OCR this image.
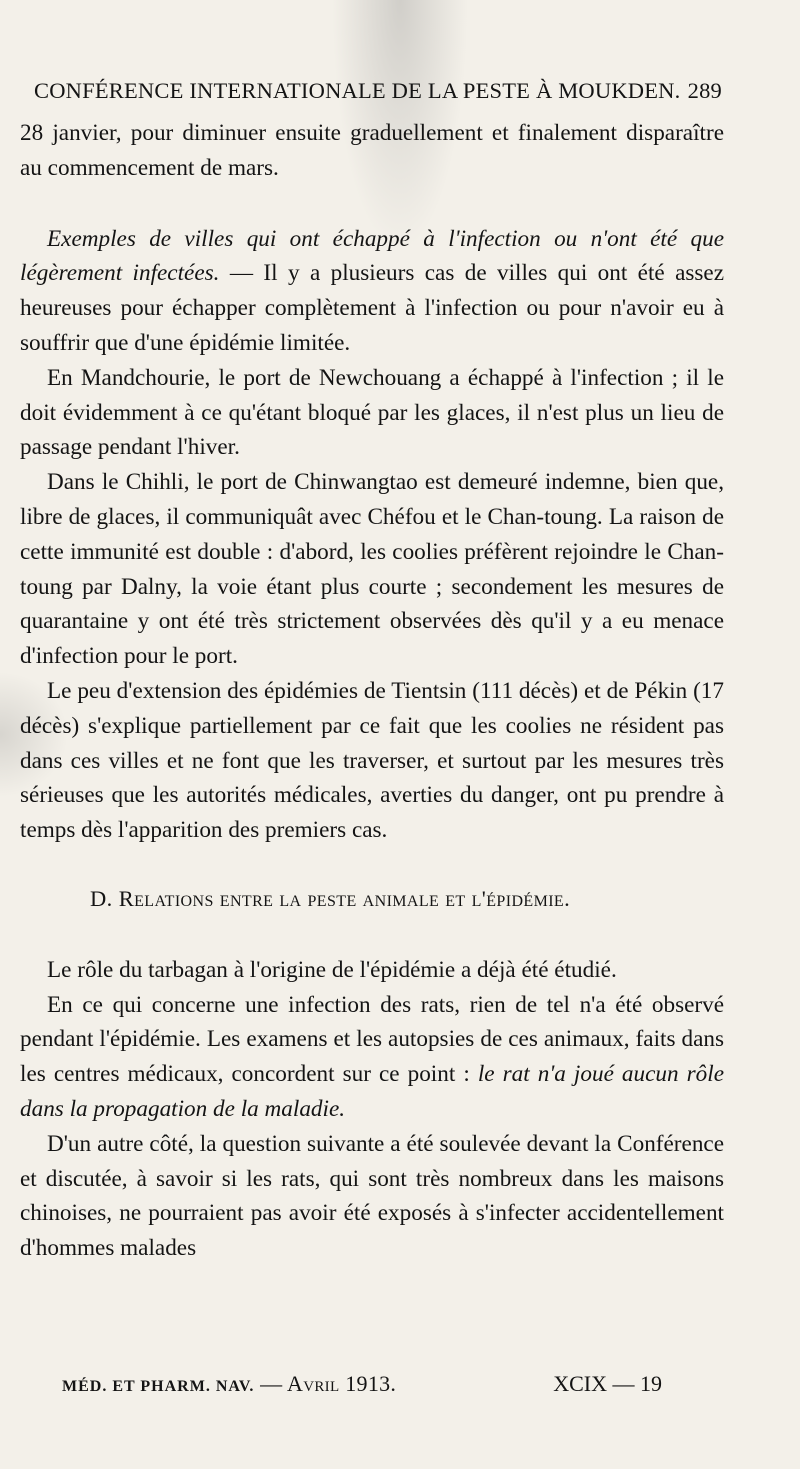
CONFÉRENCE INTERNATIONALE DE LA PESTE À MOUKDEN. 289

28 janvier, pour diminuer ensuite graduellement et finalement disparaître au commencement de mars.

Exemples de villes qui ont échappé à l'infection ou n'ont été que légèrement infectées. — Il y a plusieurs cas de villes qui ont été assez heureuses pour échapper complètement à l'infection ou pour n'avoir eu à souffrir que d'une épidémie limitée.

En Mandchourie, le port de Newchouang a échappé à l'infection ; il le doit évidemment à ce qu'étant bloqué par les glaces, il n'est plus un lieu de passage pendant l'hiver.

Dans le Chihli, le port de Chinwangtao est demeuré indemne, bien que, libre de glaces, il communiquât avec Chéfou et le Chan-toung. La raison de cette immunité est double : d'abord, les coolies préfèrent rejoindre le Chan-toung par Dalny, la voie étant plus courte ; secondement les mesures de quarantaine y ont été très strictement observées dès qu'il y a eu menace d'infection pour le port.

Le peu d'extension des épidémies de Tientsin (111 décès) et de Pékin (17 décès) s'explique partiellement par ce fait que les coolies ne résident pas dans ces villes et ne font que les traverser, et surtout par les mesures très sérieuses que les autorités médicales, averties du danger, ont pu prendre à temps dès l'apparition des premiers cas.

D. Relations entre la peste animale et l'épidémie.

Le rôle du tarbagan à l'origine de l'épidémie a déjà été étudié.

En ce qui concerne une infection des rats, rien de tel n'a été observé pendant l'épidémie. Les examens et les autopsies de ces animaux, faits dans les centres médicaux, concordent sur ce point : le rat n'a joué aucun rôle dans la propagation de la maladie.

D'un autre côté, la question suivante a été soulevée devant la Conférence et discutée, à savoir si les rats, qui sont très nombreux dans les maisons chinoises, ne pourraient pas avoir été exposés à s'infecter accidentellement d'hommes malades

MÉD. ET PHARM. NAV. — Avril 1913.	XCIX — 19
